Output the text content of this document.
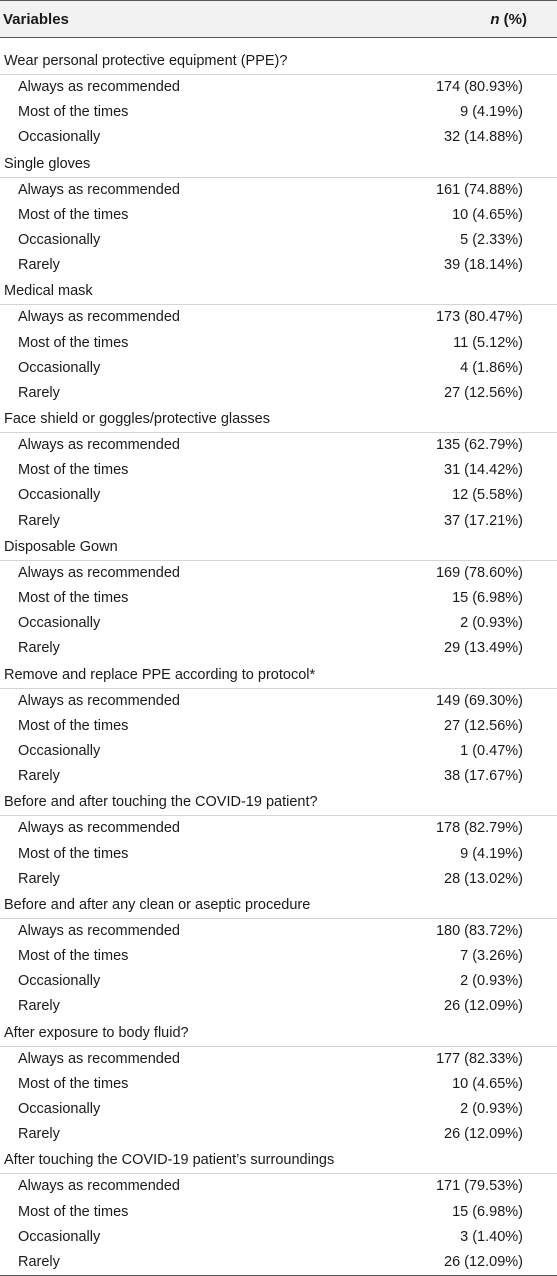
Variables	n (%)
Wear personal protective equipment (PPE)?
Always as recommended	174 (80.93%)
Most of the times	9 (4.19%)
Occasionally	32 (14.88%)
Single gloves
Always as recommended	161 (74.88%)
Most of the times	10 (4.65%)
Occasionally	5 (2.33%)
Rarely	39 (18.14%)
Medical mask
Always as recommended	173 (80.47%)
Most of the times	11 (5.12%)
Occasionally	4 (1.86%)
Rarely	27 (12.56%)
Face shield or goggles/protective glasses
Always as recommended	135 (62.79%)
Most of the times	31 (14.42%)
Occasionally	12 (5.58%)
Rarely	37 (17.21%)
Disposable Gown
Always as recommended	169 (78.60%)
Most of the times	15 (6.98%)
Occasionally	2 (0.93%)
Rarely	29 (13.49%)
Remove and replace PPE according to protocol*
Always as recommended	149 (69.30%)
Most of the times	27 (12.56%)
Occasionally	1 (0.47%)
Rarely	38 (17.67%)
Before and after touching the COVID-19 patient?
Always as recommended	178 (82.79%)
Most of the times	9 (4.19%)
Rarely	28 (13.02%)
Before and after any clean or aseptic procedure
Always as recommended	180 (83.72%)
Most of the times	7 (3.26%)
Occasionally	2 (0.93%)
Rarely	26 (12.09%)
After exposure to body fluid?
Always as recommended	177 (82.33%)
Most of the times	10 (4.65%)
Occasionally	2 (0.93%)
Rarely	26 (12.09%)
After touching the COVID-19 patient’s surroundings
Always as recommended	171 (79.53%)
Most of the times	15 (6.98%)
Occasionally	3 (1.40%)
Rarely	26 (12.09%)
